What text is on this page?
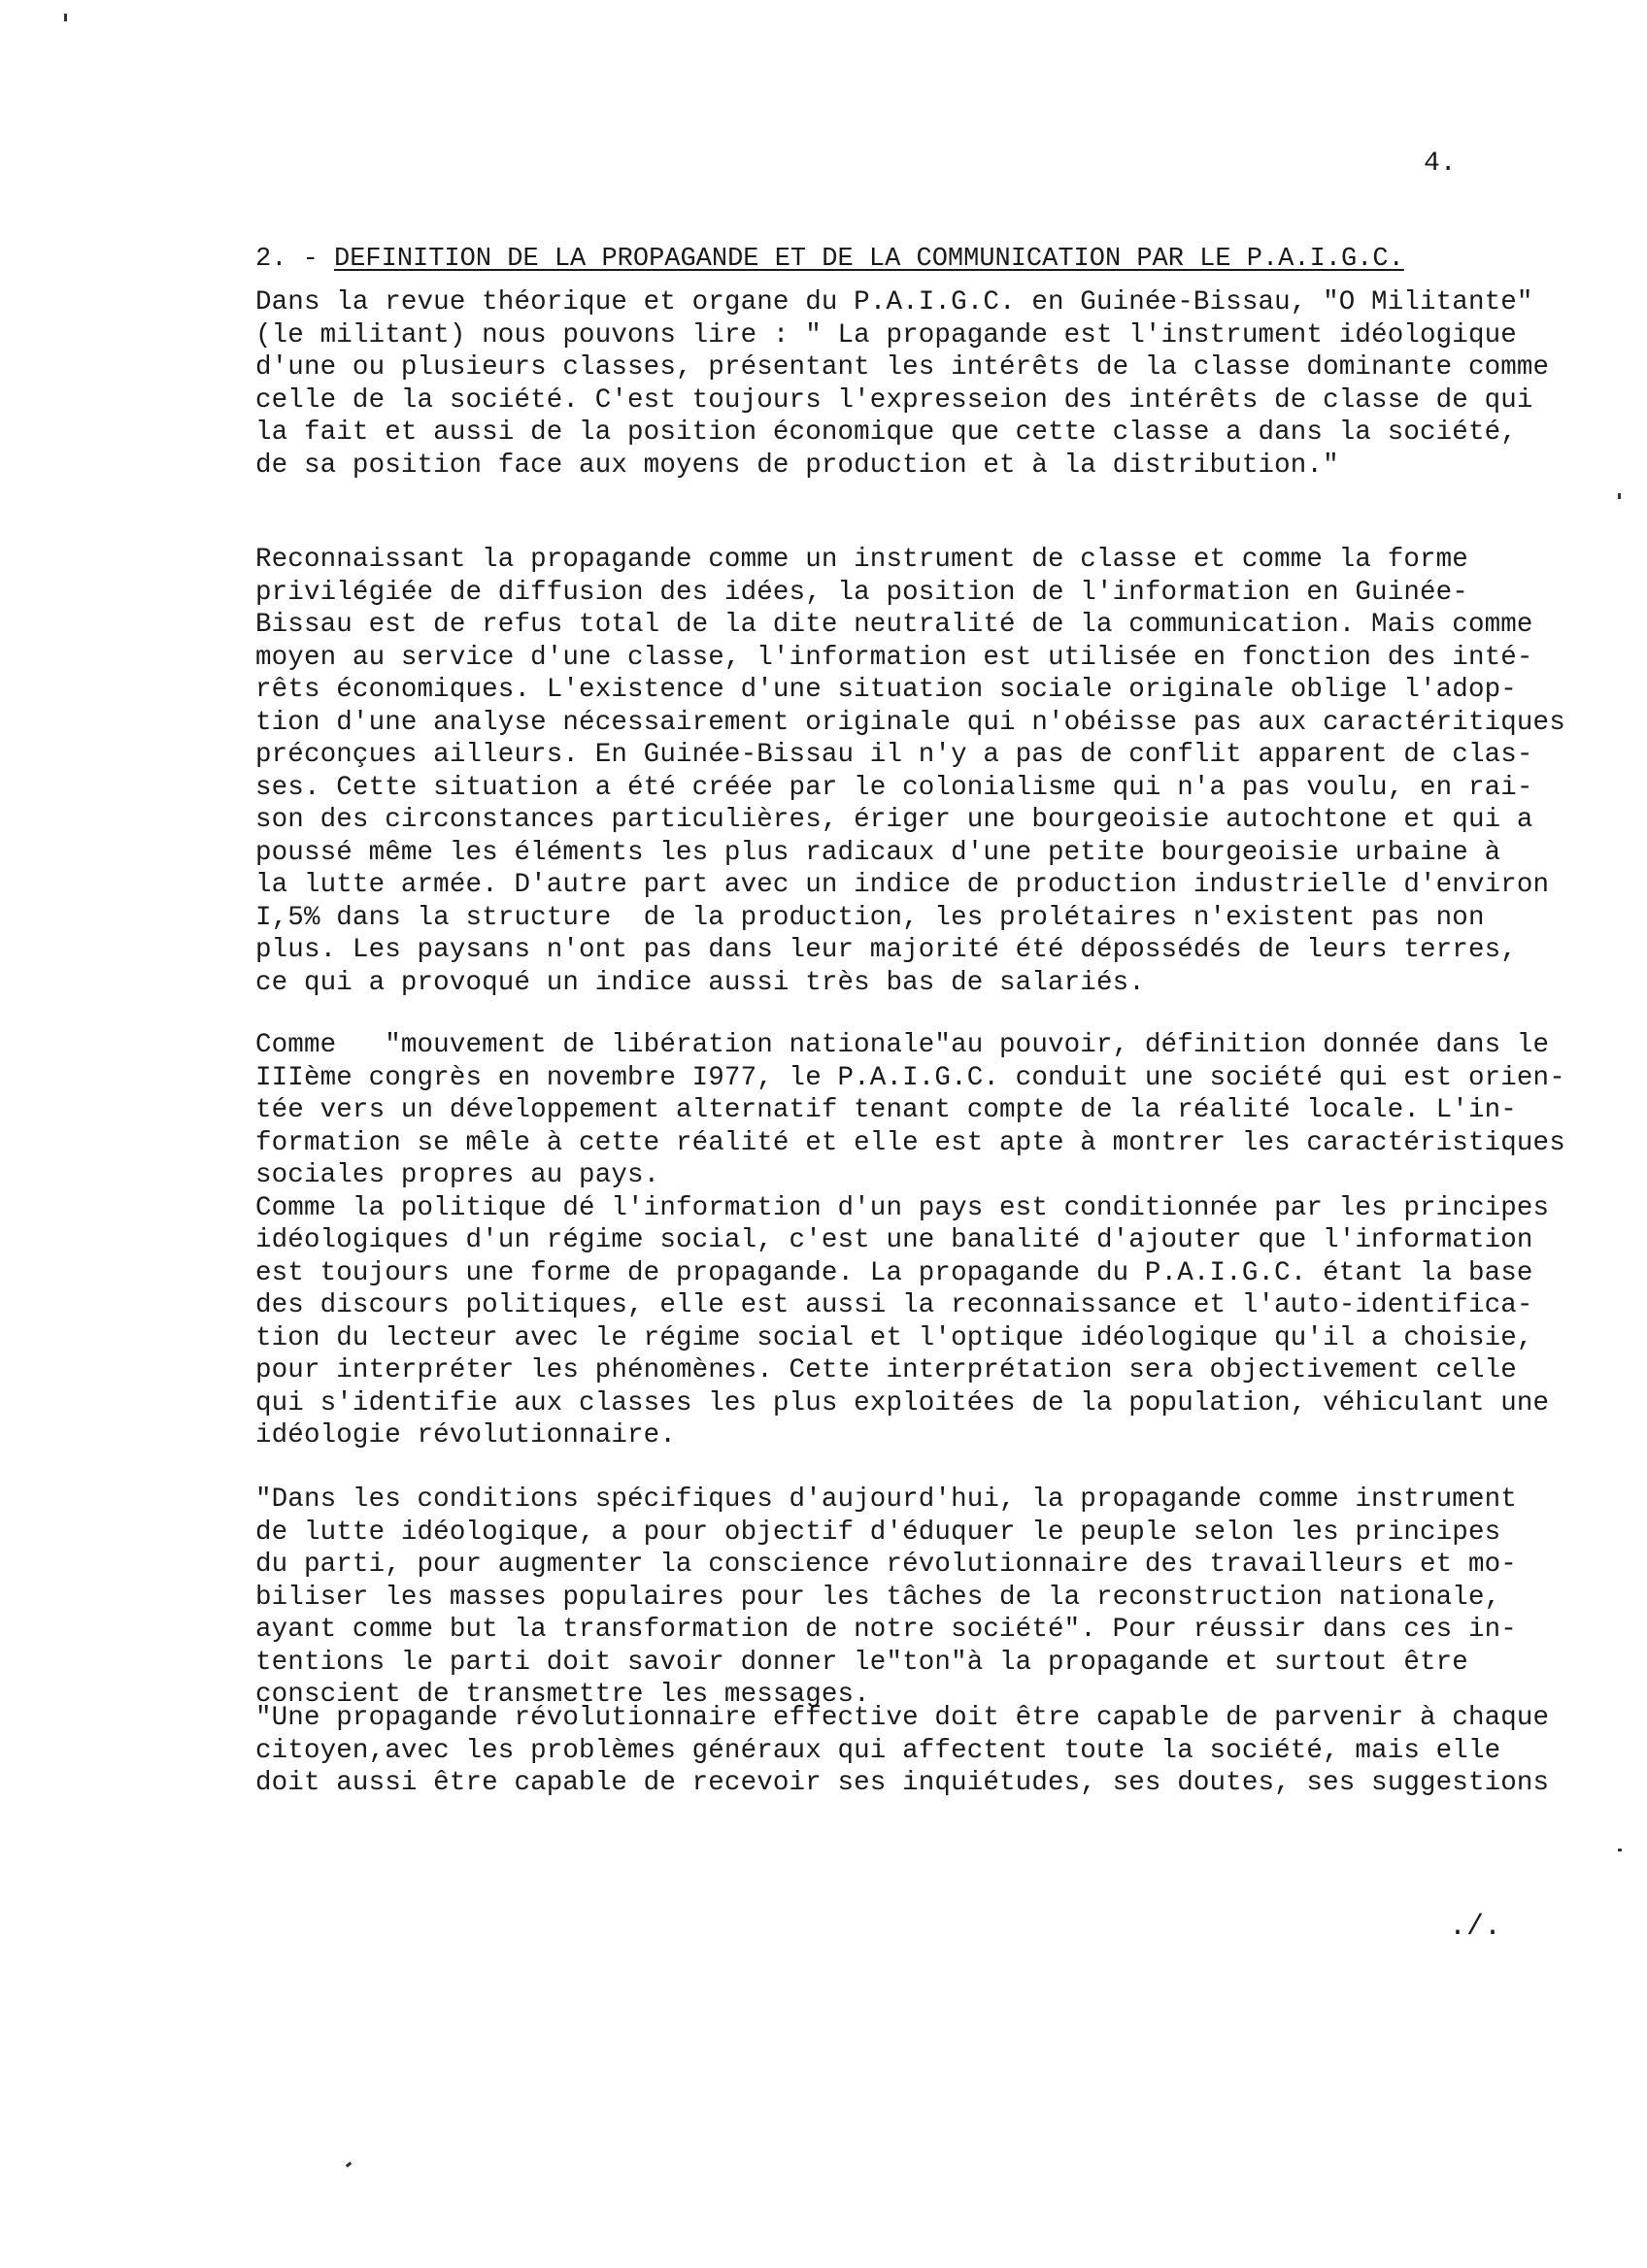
4.
2. - DEFINITION DE LA PROPAGANDE ET DE LA COMMUNICATION PAR LE P.A.I.G.C.
Dans la revue théorique et organe du P.A.I.G.C. en Guinée-Bissau, "O Militante"
(le militant) nous pouvons lire : " La propagande est l'instrument idéologique
d'une ou plusieurs classes, présentant les intérêts de la classe dominante comme
celle de la société. C'est toujours l'expresseion des intérêts de classe de qui
la fait et aussi de la position économique que cette classe a dans la société,
de sa position face aux moyens de production et à la distribution."
Reconnaissant la propagande comme un instrument de classe et comme la forme
privilégiée de diffusion des idées, la position de l'information en Guinée-
Bissau est de refus total de la dite neutralité de la communication. Mais comme
moyen au service d'une classe, l'information est utilisée en fonction des inté-
rêts économiques. L'existence d'une situation sociale originale oblige l'adop-
tion d'une analyse nécessairement originale qui n'obéisse pas aux caractéritiques
préconçues ailleurs. En Guinée-Bissau il n'y a pas de conflit apparent de clas-
ses. Cette situation a été créée par le colonialisme qui n'a pas voulu, en rai-
son des circonstances particulières, ériger une bourgeoisie autochtone et qui a
poussé même les éléments les plus radicaux d'une petite bourgeoisie urbaine à
la lutte armée. D'autre part avec un indice de production industrielle d'environ
I,5% dans la structure  de la production, les prolétaires n'existent pas non
plus. Les paysans n'ont pas dans leur majorité été dépossédés de leurs terres,
ce qui a provoqué un indice aussi très bas de salariés.
Comme   "mouvement de libération nationale"au pouvoir, définition donnée dans le
IIIème congrès en novembre I977, le P.A.I.G.C. conduit une société qui est orien-
tée vers un développement alternatif tenant compte de la réalité locale. L'in-
formation se mêle à cette réalité et elle est apte à montrer les caractéristiques
sociales propres au pays.
Comme la politique dé l'information d'un pays est conditionnée par les principes
idéologiques d'un régime social, c'est une banalité d'ajouter que l'information
est toujours une forme de propagande. La propagande du P.A.I.G.C. étant la base
des discours politiques, elle est aussi la reconnaissance et l'auto-identifica-
tion du lecteur avec le régime social et l'optique idéologique qu'il a choisie,
pour interpréter les phénomènes. Cette interprétation sera objectivement celle
qui s'identifie aux classes les plus exploitées de la population, véhiculant une
idéologie révolutionnaire.
"Dans les conditions spécifiques d'aujourd'hui, la propagande comme instrument
de lutte idéologique, a pour objectif d'éduquer le peuple selon les principes
du parti, pour augmenter la conscience révolutionnaire des travailleurs et mo-
biliser les masses populaires pour les tâches de la reconstruction nationale,
ayant comme but la transformation de notre société". Pour réussir dans ces in-
tentions le parti doit savoir donner le"ton"à la propagande et surtout être
conscient de transmettre les messages.
"Une propagande révolutionnaire effective doit être capable de parvenir à chaque
citoyen,avec les problèmes généraux qui affectent toute la société, mais elle
doit aussi être capable de recevoir ses inquiétudes, ses doutes, ses suggestions
./.
